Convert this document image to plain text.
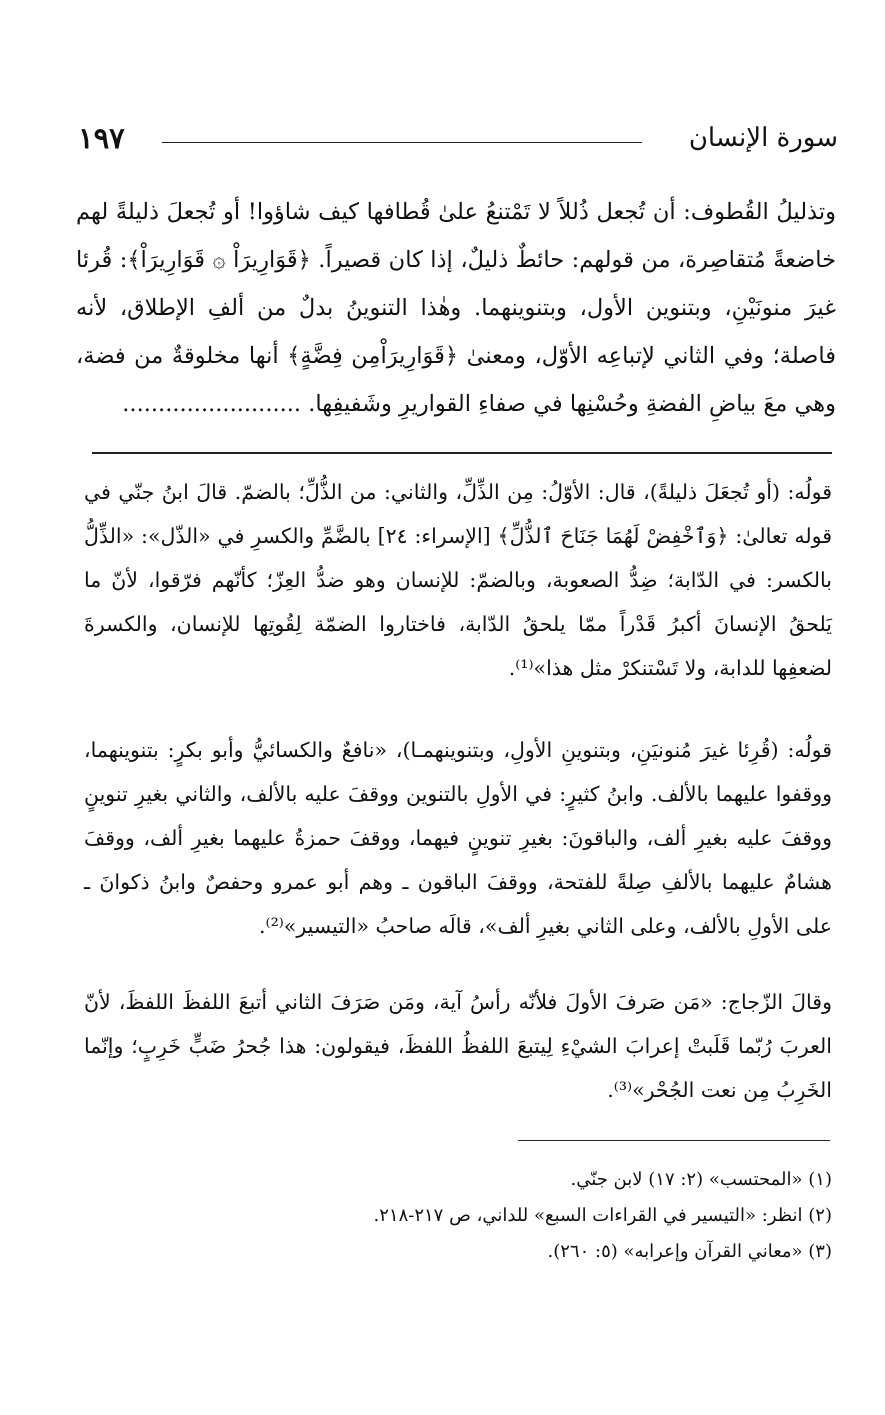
١٩٧	سورة الإنسان

وتذليلُ القُطوف: أن تُجعل ذُللاً لا تَمْتنعُ علىٰ قُطافها كيف شاؤوا! أو تُجعلَ ذليلةً لهم خاضعةً مُتقاصِرة، من قولهم: حائطٌ ذليلٌ، إذا كان قصيراً. ﴿قَوَارِيرَاْ ۞ قَوَارِيرَاْ﴾: قُرئا غيرَ منونَيْنِ، وبتنوين الأول، وبتنوينهما. وهٰذا التنوينُ بدلٌ من ألفِ الإطلاق، لأنه فاصلة؛ وفي الثاني لإتباعِه الأوّل، ومعنىٰ ﴿قَوَارِيرَاْمِن فِضَّةٍ﴾ أنها مخلوقةٌ من فضة، وهي معَ بياضِ الفضةِ وحُسْنِها في صفاءِ القواريرِ وشَفيفِها. .........................

قولُه: (أو تُجعَلَ ذليلةً)، قال: الأوّلُ: مِن الذِّلِّ، والثاني: من الذُّلِّ؛ بالضمّ. قالَ ابنُ جنّي في قوله تعالىٰ: ﴿وَٱخْفِضْ لَهُمَا جَنَاحَ ٱلذُّلِّ﴾ [الإسراء: ٢٤] بالضَّمِّ والكسرِ في «الذّل»: «الذِّلُّ بالكسر: في الدّابة؛ ضِدُّ الصعوبة، وبالضمّ: للإنسان وهو ضدُّ العِزّ؛ كأنّهم فرّقوا، لأنّ ما يَلحقُ الإنسانَ أكبرُ قَدْراً ممّا يلحقُ الدّابة، فاختاروا الضمّة لِقُوتِها للإنسان، والكسرةَ لضعفِها للدابة، ولا تَسْتنكرْ مثل هذا»⁽¹⁾.

قولُه: (قُرِئا غيرَ مُنونيَنِ، وبتنوينِ الأولِ، وبتنوينهمـا)، «نافعٌ والكسائيُّ وأبو بكرٍ: بتنوينهما، ووقفوا عليهما بالألف. وابنُ كثيرٍ: في الأولِ بالتنوين ووقفَ عليه بالألف، والثاني بغيرِ تنوينٍ ووقفَ عليه بغيرِ ألف، والباقونَ: بغيرِ تنوينٍ فيهما، ووقفَ حمزةُ عليهما بغيرِ ألف، ووقفَ هشامٌ عليهما بالألفِ صِلةً للفتحة، ووقفَ الباقون ـ وهم أبو عمرو وحفصٌ وابنُ ذكوانَ ـ على الأولِ بالألف، وعلى الثاني بغيرِ ألف»، قالَه صاحبُ «التيسير»⁽²⁾.

وقالَ الزّجاج: «مَن صَرفَ الأولَ فلأنّه رأسُ آية، ومَن صَرَفَ الثاني أتبعَ اللفظَ اللفظَ، لأنّ العربَ رُبّما قَلَبتْ إعرابَ الشيْءِ لِيتبعَ اللفظُ اللفظَ، فيقولون: هذا جُحرُ ضَبٍّ خَرِبٍ؛ وإنّما الخَرِبُ مِن نعت الجُحْر»⁽³⁾.

(١) «المحتسب» (٢: ١٧) لابن جنّي.
(٢) انظر: «التيسير في القراءات السبع» للداني، ص ٢١٧-٢١٨.
(٣) «معاني القرآن وإعرابه» (٥: ٢٦٠).
